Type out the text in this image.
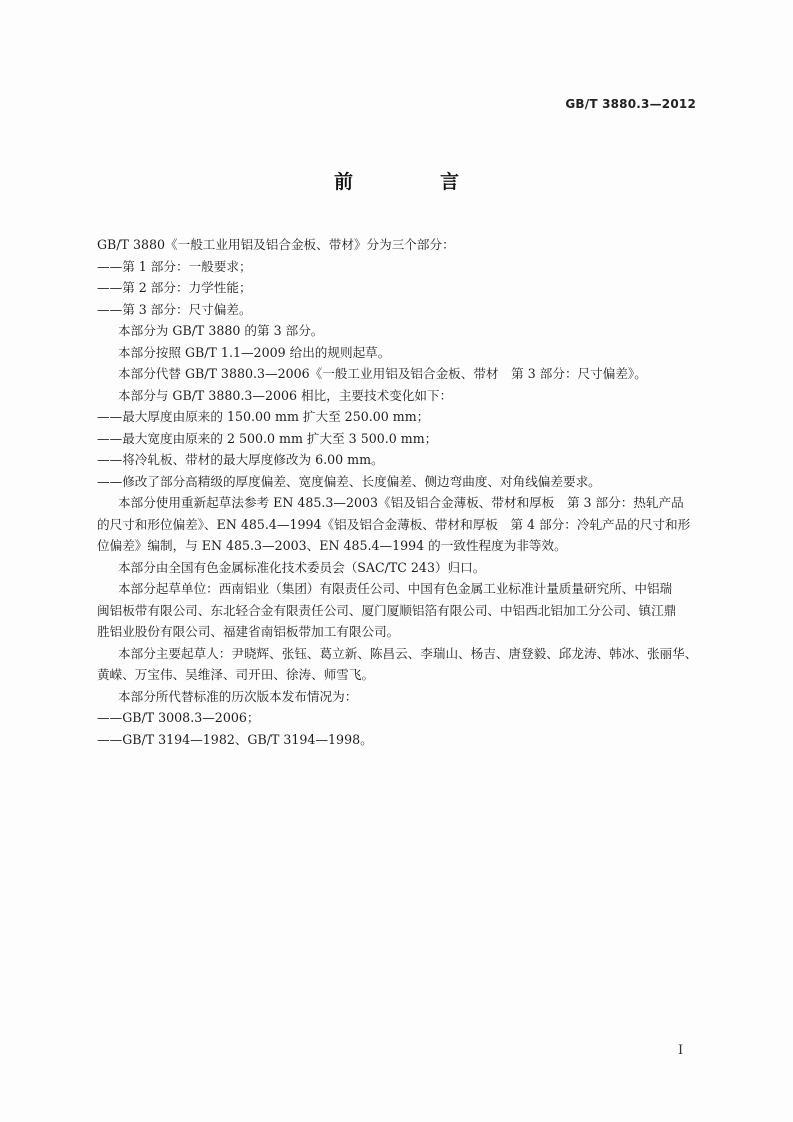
GB/T 3880.3—2012
前　言

GB/T 3880《一般工业用铝及铝合金板、带材》分为三个部分：

——第 1 部分：一般要求；

——第 2 部分：力学性能；

——第 3 部分：尺寸偏差。

本部分为 GB/T 3880 的第 3 部分。

本部分按照 GB/T 1.1—2009 给出的规则起草。

本部分代替 GB/T 3880.3—2006《一般工业用铝及铝合金板、带材　第 3 部分：尺寸偏差》。

本部分与 GB/T 3880.3—2006 相比，主要技术变化如下：

——最大厚度由原来的 150.00 mm 扩大至 250.00 mm；

——最大宽度由原来的 2 500.0 mm 扩大至 3 500.0 mm；

——将冷轧板、带材的最大厚度修改为 6.00 mm。

——修改了部分高精级的厚度偏差、宽度偏差、长度偏差、侧边弯曲度、对角线偏差要求。

本部分使用重新起草法参考 EN 485.3—2003《铝及铝合金薄板、带材和厚板　第 3 部分：热轧产品

的尺寸和形位偏差》、EN 485.4—1994《铝及铝合金薄板、带材和厚板　第 4 部分：冷轧产品的尺寸和形

位偏差》编制，与 EN 485.3—2003、EN 485.4—1994 的一致性程度为非等效。

本部分由全国有色金属标准化技术委员会（SAC/TC 243）归口。

本部分起草单位：西南铝业（集团）有限责任公司、中国有色金属工业标准计量质量研究所、中铝瑞

闽铝板带有限公司、东北轻合金有限责任公司、厦门厦顺铝箔有限公司、中铝西北铝加工分公司、镇江鼎

胜铝业股份有限公司、福建省南铝板带加工有限公司。

本部分主要起草人：尹晓辉、张钰、葛立新、陈昌云、李瑞山、杨吉、唐登毅、邱龙涛、韩冰、张丽华、

黄嵘、万宝伟、吴维泽、司开田、徐涛、师雪飞。

本部分所代替标准的历次版本发布情况为：

——GB/T 3008.3—2006；

——GB/T 3194—1982、GB/T 3194—1998。

I
